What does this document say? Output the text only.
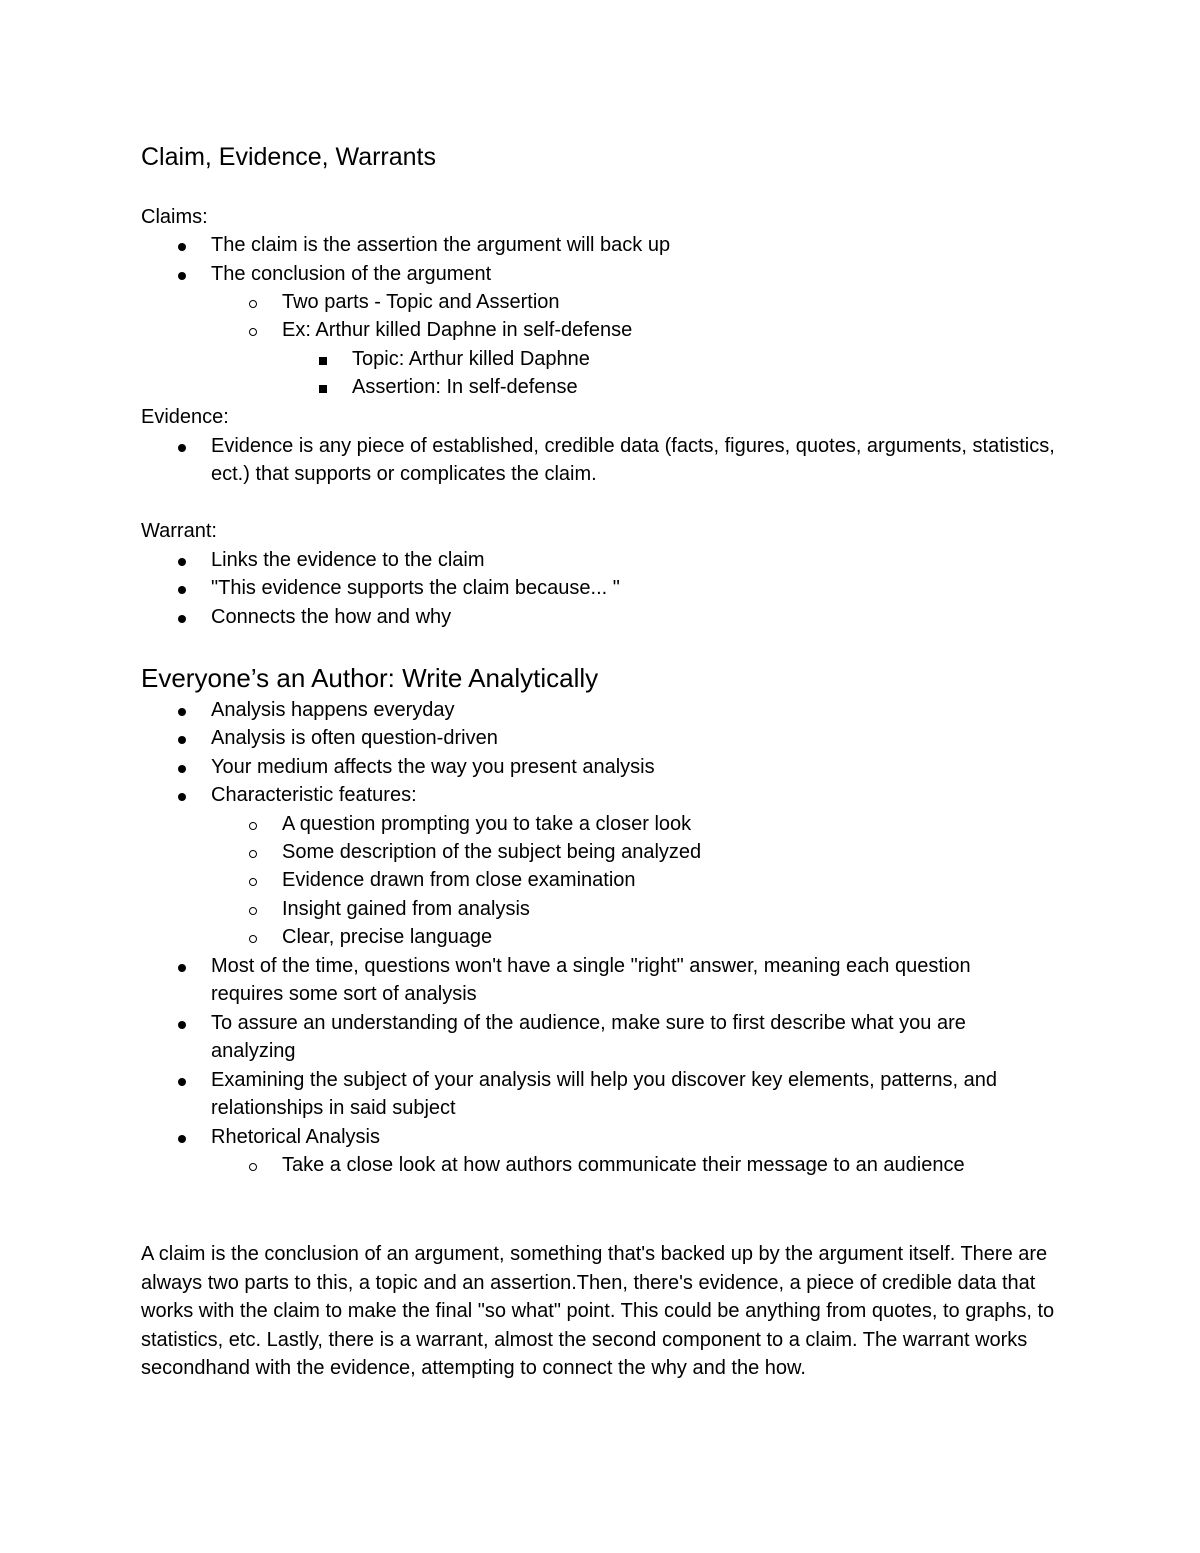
Claim, Evidence, Warrants
Claims:
The claim is the assertion the argument will back up
The conclusion of the argument
Two parts - Topic and Assertion
Ex: Arthur killed Daphne in self-defense
Topic: Arthur killed Daphne
Assertion: In self-defense
Evidence:
Evidence is any piece of established, credible data (facts, figures, quotes, arguments, statistics,
ect.) that supports or complicates the claim.
Warrant:
Links the evidence to the claim
"This evidence supports the claim because... "
Connects the how and why
Everyone’s an Author: Write Analytically
Analysis happens everyday
Analysis is often question-driven
Your medium affects the way you present analysis
Characteristic features:
A question prompting you to take a closer look
Some description of the subject being analyzed
Evidence drawn from close examination
Insight gained from analysis
Clear, precise language
Most of the time, questions won't have a single "right" answer, meaning each question
requires some sort of analysis
To assure an understanding of the audience, make sure to first describe what you are
analyzing
Examining the subject of your analysis will help you discover key elements, patterns, and
relationships in said subject
Rhetorical Analysis
Take a close look at how authors communicate their message to an audience
A claim is the conclusion of an argument, something that's backed up by the argument itself. There are always two parts to this, a topic and an assertion.Then, there's evidence, a piece of credible data that works with the claim to make the final "so what" point. This could be anything from quotes, to graphs, to statistics, etc. Lastly, there is a warrant, almost the second component to a claim. The warrant works secondhand with the evidence, attempting to connect the why and the how.
